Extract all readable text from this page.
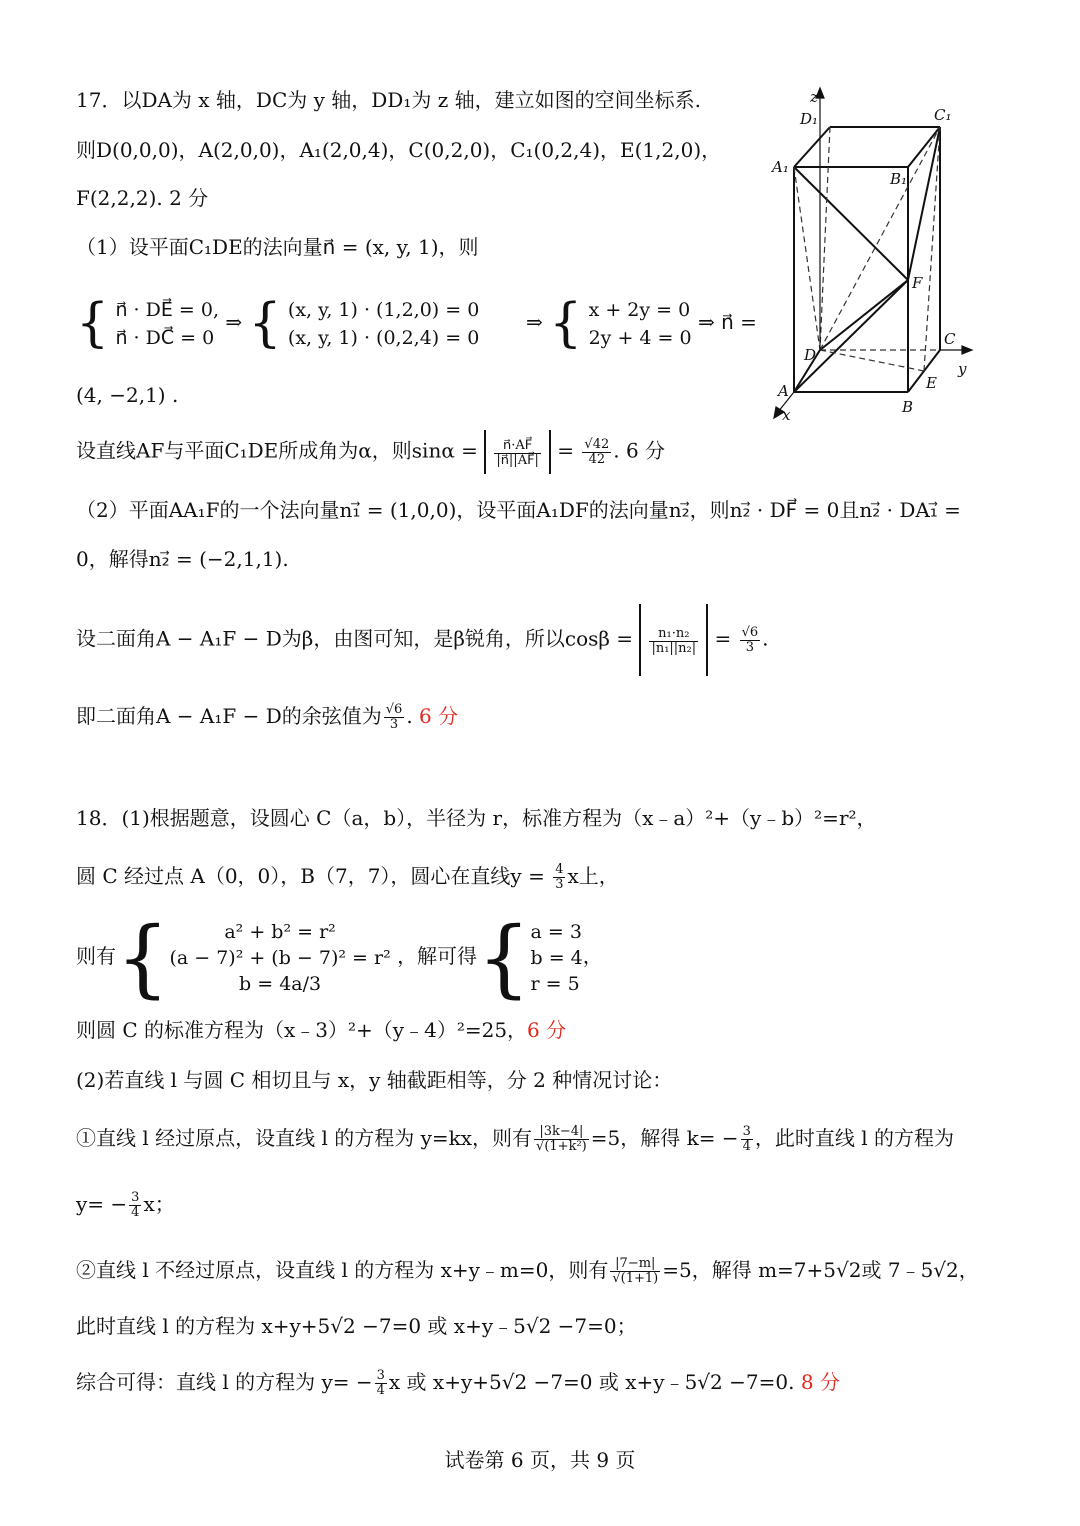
17．以DA为 x 轴，DC为 y 轴，DD₁为 z 轴，建立如图的空间坐标系.
则D(0,0,0)，A(2,0,0)，A₁(2,0,4)，C(0,2,0)，C₁(0,2,4)，E(1,2,0)，
F(2,2,2). 2 分
（1）设平面C₁DE的法向量n⃗ = (x, y, 1)，则
{ n⃗ · DE⃗ = 0,
n⃗ · DC⃗ = 0
⇒ { (x, y, 1) · (1,2,0) = 0
(x, y, 1) · (0,2,4) = 0
⇒ { x + 2y = 0
2y + 4 = 0
⇒ n⃗ =
(4, −2,1) .
设直线AF与平面C₁DE所成角为α，则$\sin\alpha = \frac{n⃗\cdot AF⃗}{|n⃗||AF⃗|} = \frac{√42}{42}$ . 6 分
（2）平面AA₁F的一个法向量n₁⃗ = (1,0,0)，设平面A₁DF的法向量n₂⃗，则n₂⃗ · DF⃗ = 0且n₂⃗ · DA₁⃗ =
0，解得n₂⃗ = (−2,1,1).
设二面角A − A₁F − D为β，由图可知，是β锐角，所以$\cos\beta = \frac{\text{n₁·n₂}}{\text{|n₁||n₂|}} = \frac{√6}{3}$ .
即二面角A − A₁F − D的余弦值为 $\frac{√6}{3}$ . 6 分
z
D₁	C₁
A₁
B₁
F
D
C
y
A	E
B
x
18．(1)根据题意，设圆心 C（a，b），半径为 r，标准方程为（x﹣a）²+（y﹣b）²=r²，
圆 C 经过点 A（0，0），B（7，7），圆心在直线$y = \frac{4}{3}$ x上，
则有{	a² + b² = r²
(a − 7)² + (b − 7)² = r²
b = 4a/3
，解可得{ a = 3
b = 4
r = 5
，
则圆 C 的标准方程为（x﹣3）²+（y﹣4）²=25，6 分
(2)若直线 l 与圆 C 相切且与 x，y 轴截距相等，分 2 种情况讨论：
①直线 l 经过原点，设直线 l 的方程为 y=kx，则有 $\frac{|3k-4|}{\text{√(1+k²)}} =5$，解得 $k= - \frac{3}{4}$ ，此时直线 l 的方程为
$y= - \frac{3}{4}$ x；
②直线 l 不经过原点，设直线 l 的方程为 x+y﹣m=0，则有 $\frac{|7-m|}{√(1+1)} =5$，解得 m=7+5√2或 7﹣5√2，
此时直线 l 的方程为 x+y+5√2 −7=0 或 x+y﹣5√2 −7=0；
综合可得：直线 l 的方程为 $y= - \frac{3}{4}$ x 或 x+y+5√2 −7=0 或 x+y﹣5√2 −7=0. 8 分
试卷第 6 页，共 9 页
